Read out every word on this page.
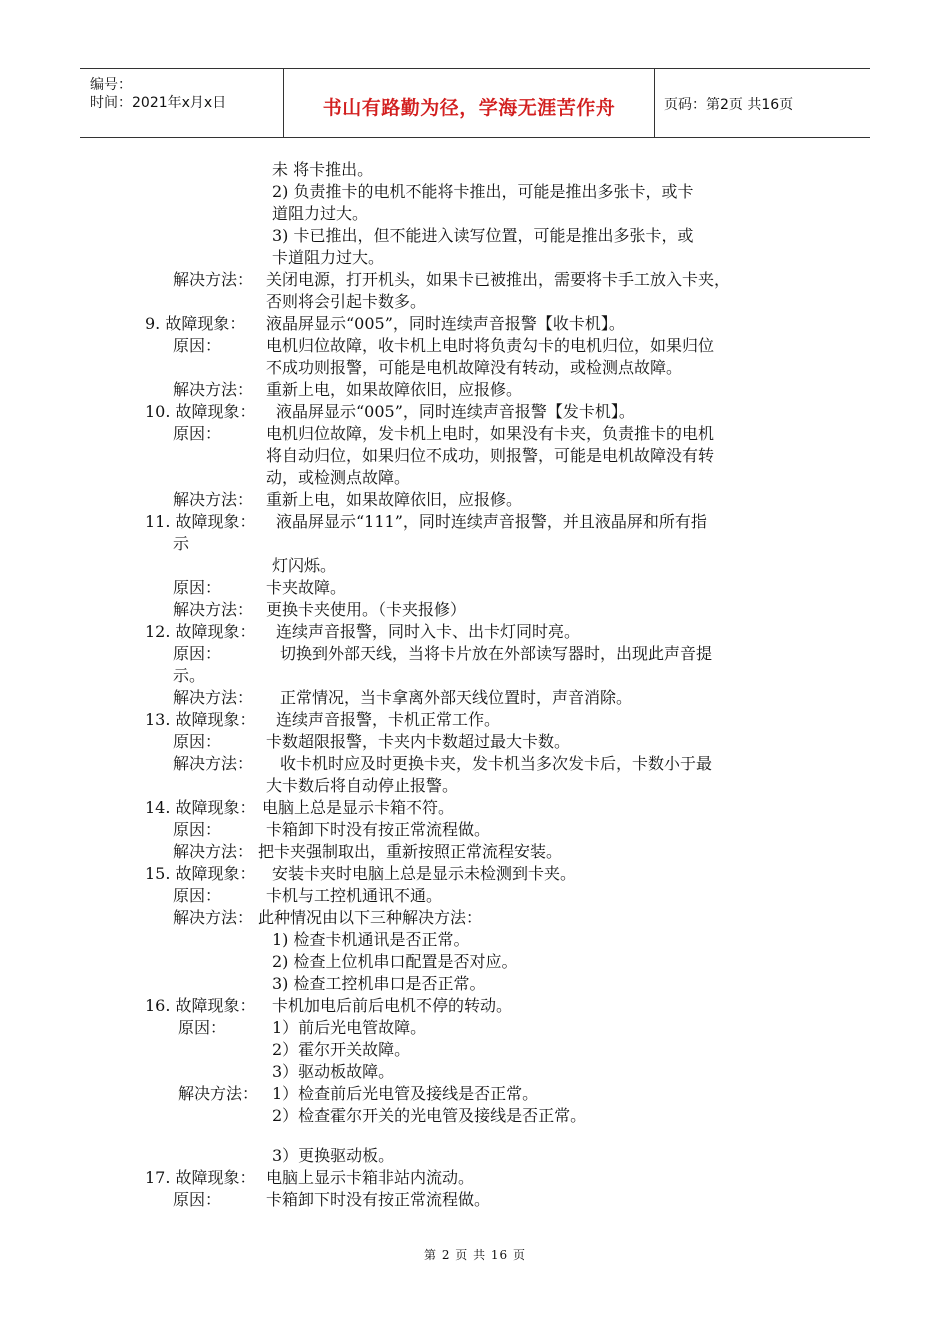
编号：
时间：2021年x月x日	书山有路勤为径，学海无涯苦作舟	页码：第2页 共16页
未 将卡推出。
2) 负责推卡的电机不能将卡推出，可能是推出多张卡，或卡
道阻力过大。
3) 卡已推出，但不能进入读写位置，可能是推出多张卡，或
卡道阻力过大。
解决方法： 关闭电源，打开机头，如果卡已被推出，需要将卡手工放入卡夹，
否则将会引起卡数多。
9. 故障现象： 液晶屏显示“005”，同时连续声音报警【收卡机】。
原因：	电机归位故障，收卡机上电时将负责勾卡的电机归位，如果归位
不成功则报警，可能是电机故障没有转动，或检测点故障。
解决方法： 重新上电，如果故障依旧，应报修。
10. 故障现象： 液晶屏显示“005”，同时连续声音报警【发卡机】。
原因：	电机归位故障，发卡机上电时，如果没有卡夹，负责推卡的电机
将自动归位，如果归位不成功，则报警，可能是电机故障没有转
动，或检测点故障。
解决方法： 重新上电，如果故障依旧，应报修。
11. 故障现象： 液晶屏显示“111”，同时连续声音报警，并且液晶屏和所有指
示
灯闪烁。
原因：	卡夹故障。
解决方法： 更换卡夹使用。（卡夹报修）
12. 故障现象： 连续声音报警，同时入卡、出卡灯同时亮。
原因：	切换到外部天线，当将卡片放在外部读写器时，出现此声音提
示。
解决方法： 正常情况，当卡拿离外部天线位置时，声音消除。
13. 故障现象： 连续声音报警，卡机正常工作。
原因：	卡数超限报警，卡夹内卡数超过最大卡数。
解决方法： 收卡机时应及时更换卡夹，发卡机当多次发卡后，卡数小于最
大卡数后将自动停止报警。
14. 故障现象： 电脑上总是显示卡箱不符。
原因：	卡箱卸下时没有按正常流程做。
解决方法： 把卡夹强制取出，重新按照正常流程安装。
15. 故障现象： 安装卡夹时电脑上总是显示未检测到卡夹。
原因：	卡机与工控机通讯不通。
解决方法： 此种情况由以下三种解决方法：
1) 检查卡机通讯是否正常。
2) 检查上位机串口配置是否对应。
3) 检查工控机串口是否正常。
16. 故障现象： 卡机加电后前后电机不停的转动。
原因：	1）前后光电管故障。
2）霍尔开关故障。
3）驱动板故障。
解决方法： 1）检查前后光电管及接线是否正常。
2）检查霍尔开关的光电管及接线是否正常。
3）更换驱动板。
17. 故障现象： 电脑上显示卡箱非站内流动。
原因：	卡箱卸下时没有按正常流程做。
第 2 页 共 16 页
